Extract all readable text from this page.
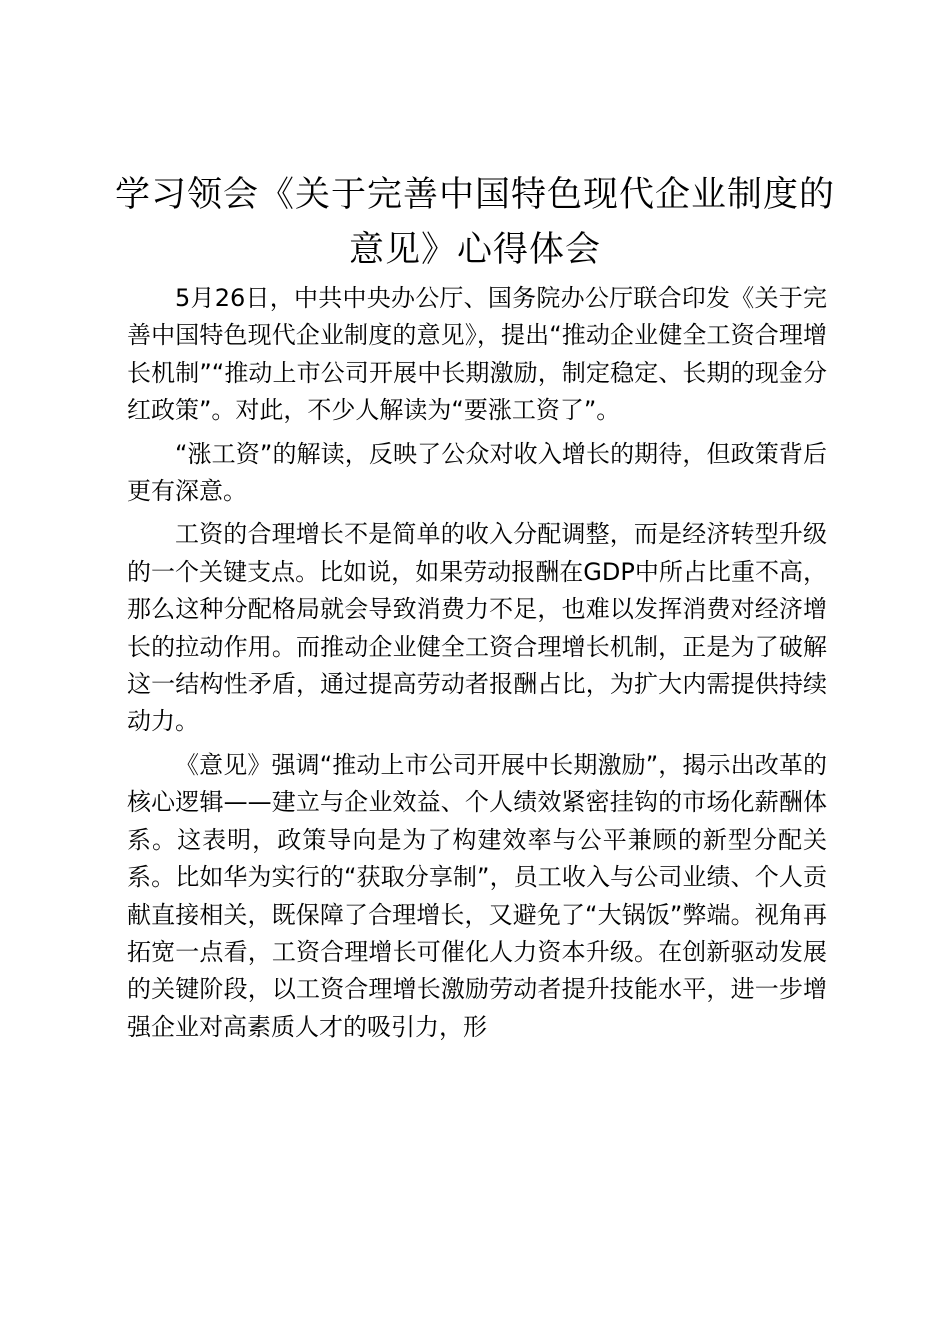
学习领会《关于完善中国特色现代企业制度的意见》心得体会

5月26日，中共中央办公厅、国务院办公厅联合印发《关于完善中国特色现代企业制度的意见》，提出“推动企业健全工资合理增长机制”“推动上市公司开展中长期激励，制定稳定、长期的现金分红政策”。对此，不少人解读为“要涨工资了”。

“涨工资”的解读，反映了公众对收入增长的期待，但政策背后更有深意。

工资的合理增长不是简单的收入分配调整，而是经济转型升级的一个关键支点。比如说，如果劳动报酬在GDP中所占比重不高，那么这种分配格局就会导致消费力不足，也难以发挥消费对经济增长的拉动作用。而推动企业健全工资合理增长机制，正是为了破解这一结构性矛盾，通过提高劳动者报酬占比，为扩大内需提供持续动力。

《意见》强调“推动上市公司开展中长期激励”，揭示出改革的核心逻辑——建立与企业效益、个人绩效紧密挂钩的市场化薪酬体系。这表明，政策导向是为了构建效率与公平兼顾的新型分配关系。比如华为实行的“获取分享制”，员工收入与公司业绩、个人贡献直接相关，既保障了合理增长，又避免了“大锅饭”弊端。视角再拓宽一点看，工资合理增长可催化人力资本升级。在创新驱动发展的关键阶段，以工资合理增长激励劳动者提升技能水平，进一步增强企业对高素质人才的吸引力，形
